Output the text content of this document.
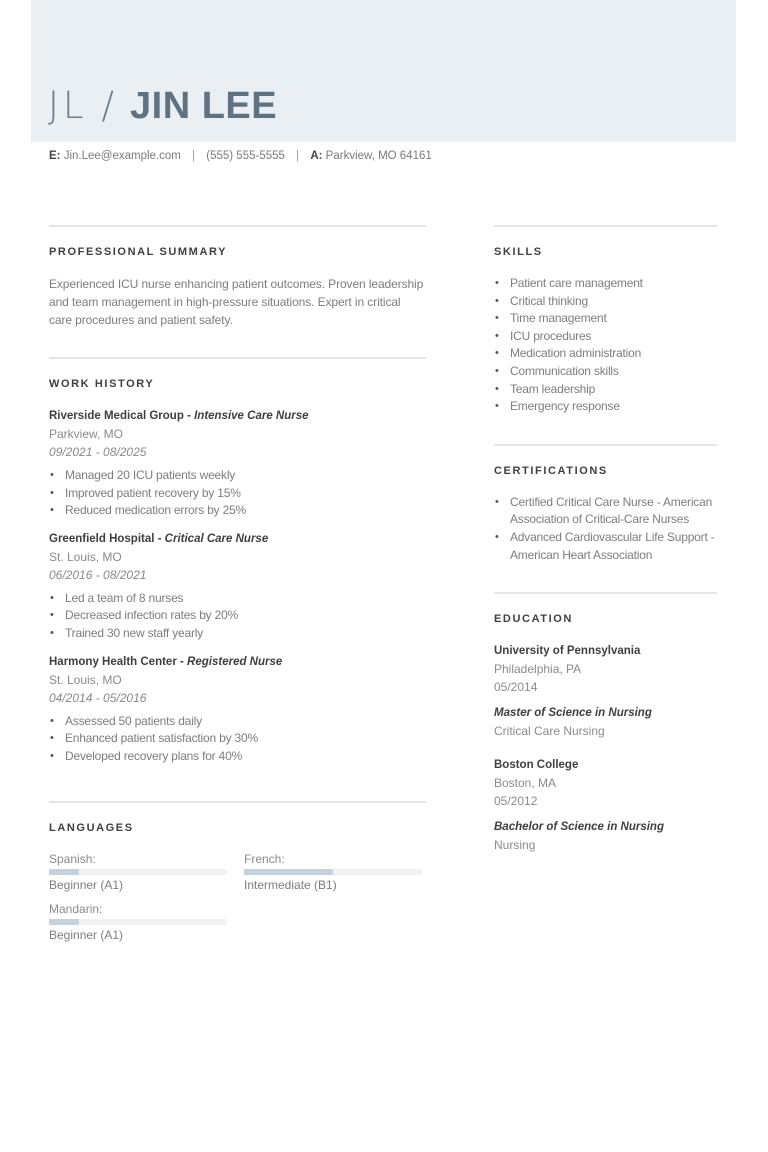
JL / JIN LEE
E: Jin.Lee@example.com | (555) 555-5555 | A: Parkview, MO 64161
PROFESSIONAL SUMMARY

Experienced ICU nurse enhancing patient outcomes. Proven leadership and team management in high-pressure situations. Expert in critical care procedures and patient safety.

WORK HISTORY
Riverside Medical Group - Intensive Care Nurse
Parkview, MO
09/2021 - 08/2025
• Managed 20 ICU patients weekly
• Improved patient recovery by 15%
• Reduced medication errors by 25%
Greenfield Hospital - Critical Care Nurse
St. Louis, MO
06/2016 - 08/2021
• Led a team of 8 nurses
• Decreased infection rates by 20%
• Trained 30 new staff yearly
Harmony Health Center - Registered Nurse
St. Louis, MO
04/2014 - 05/2016
• Assessed 50 patients daily
• Enhanced patient satisfaction by 30%
• Developed recovery plans for 40%
LANGUAGES
Spanish:
Beginner (A1)
French:
Intermediate (B1)
Mandarin:
Beginner (A1)
SKILLS
• Patient care management
• Critical thinking
• Time management
• ICU procedures
• Medication administration
• Communication skills
• Team leadership
• Emergency response
CERTIFICATIONS
• Certified Critical Care Nurse - American Association of Critical-Care Nurses
• Advanced Cardiovascular Life Support - American Heart Association
EDUCATION
University of Pennsylvania
Philadelphia, PA
05/2014
Master of Science in Nursing
Critical Care Nursing
Boston College
Boston, MA
05/2012
Bachelor of Science in Nursing
Nursing
